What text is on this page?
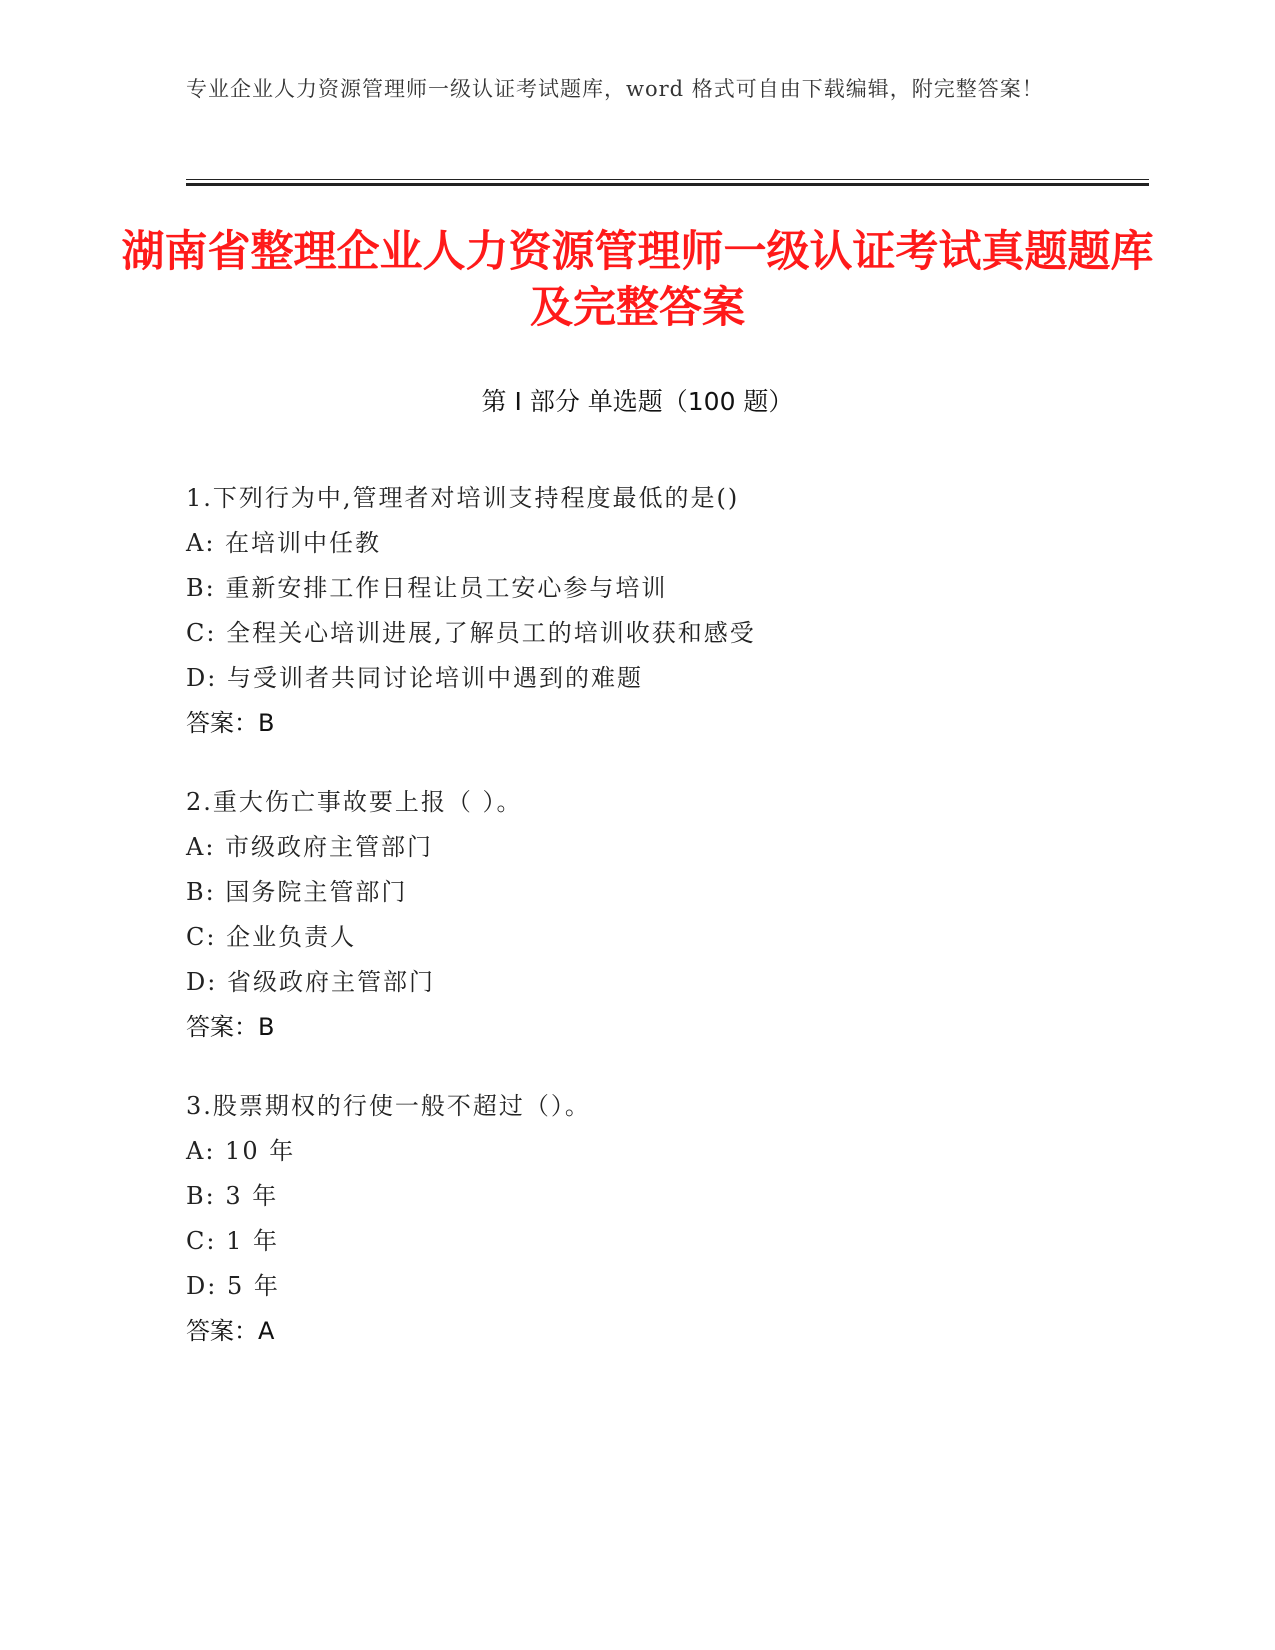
专业企业人力资源管理师一级认证考试题库，word 格式可自由下载编辑，附完整答案！
湖南省整理企业人力资源管理师一级认证考试真题题库及完整答案
第 I 部分 单选题（100 题）
1.下列行为中,管理者对培训支持程度最低的是()
A: 在培训中任教
B: 重新安排工作日程让员工安心参与培训
C: 全程关心培训进展,了解员工的培训收获和感受
D: 与受训者共同讨论培训中遇到的难题
答案：B
2.重大伤亡事故要上报（ ）。
A: 市级政府主管部门
B: 国务院主管部门
C: 企业负责人
D: 省级政府主管部门
答案：B
3.股票期权的行使一般不超过（）。
A: 10 年
B: 3 年
C: 1 年
D: 5 年
答案：A
